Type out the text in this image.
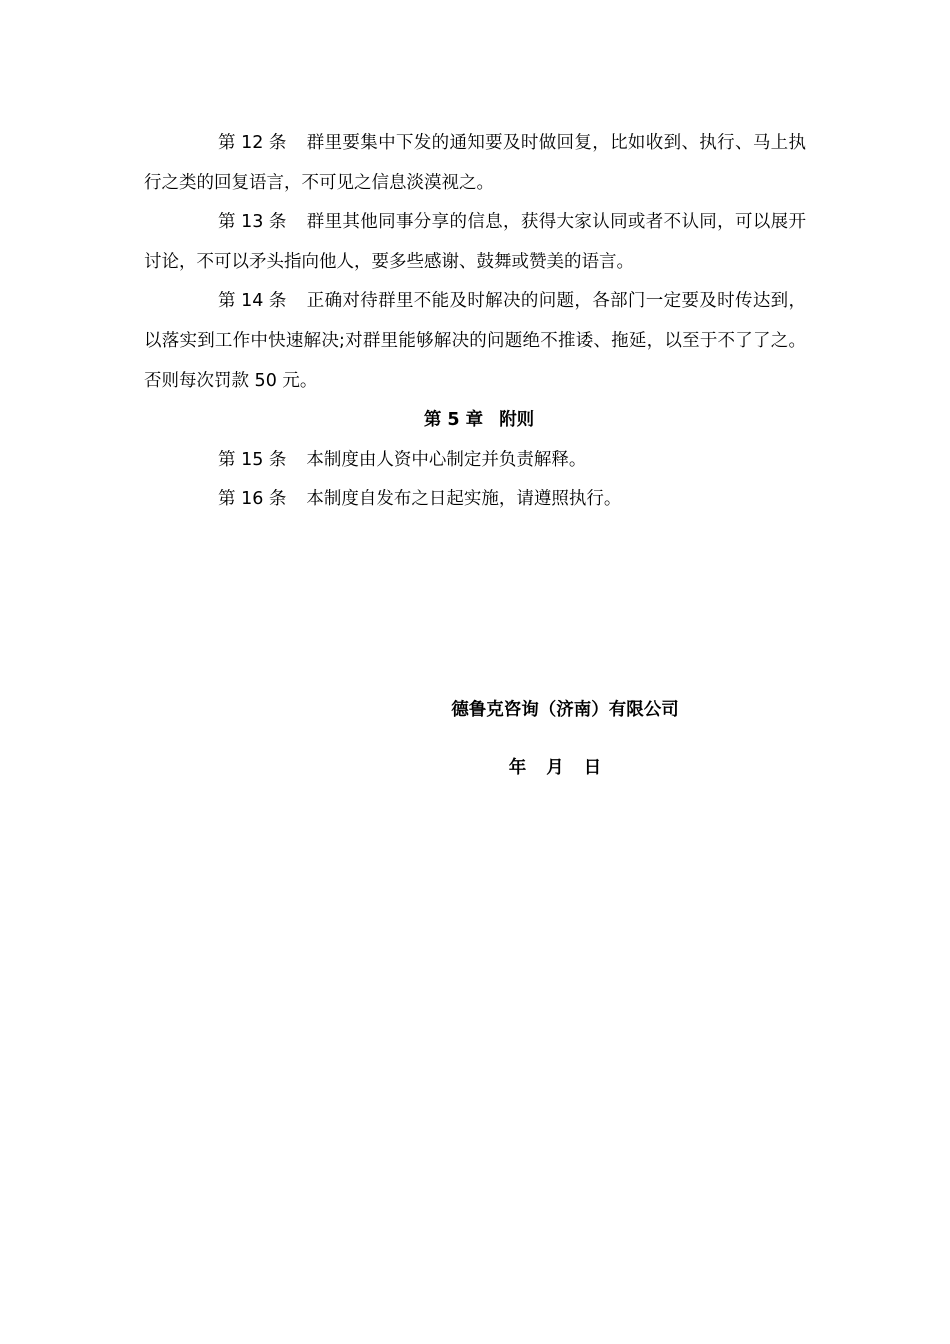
第 12 条 群里要集中下发的通知要及时做回复，比如收到、执行、马上执行之类的回复语言，不可见之信息淡漠视之。

第 13 条 群里其他同事分享的信息，获得大家认同或者不认同，可以展开讨论，不可以矛头指向他人，要多些感谢、鼓舞或赞美的语言。

第 14 条 正确对待群里不能及时解决的问题，各部门一定要及时传达到，以落实到工作中快速解决;对群里能够解决的问题绝不推诿、拖延，以至于不了了之。否则每次罚款 50 元。

第 5 章 附则

第 15 条 本制度由人资中心制定并负责解释。

第 16 条 本制度自发布之日起实施，请遵照执行。

德鲁克咨询（济南）有限公司
年 月 日
